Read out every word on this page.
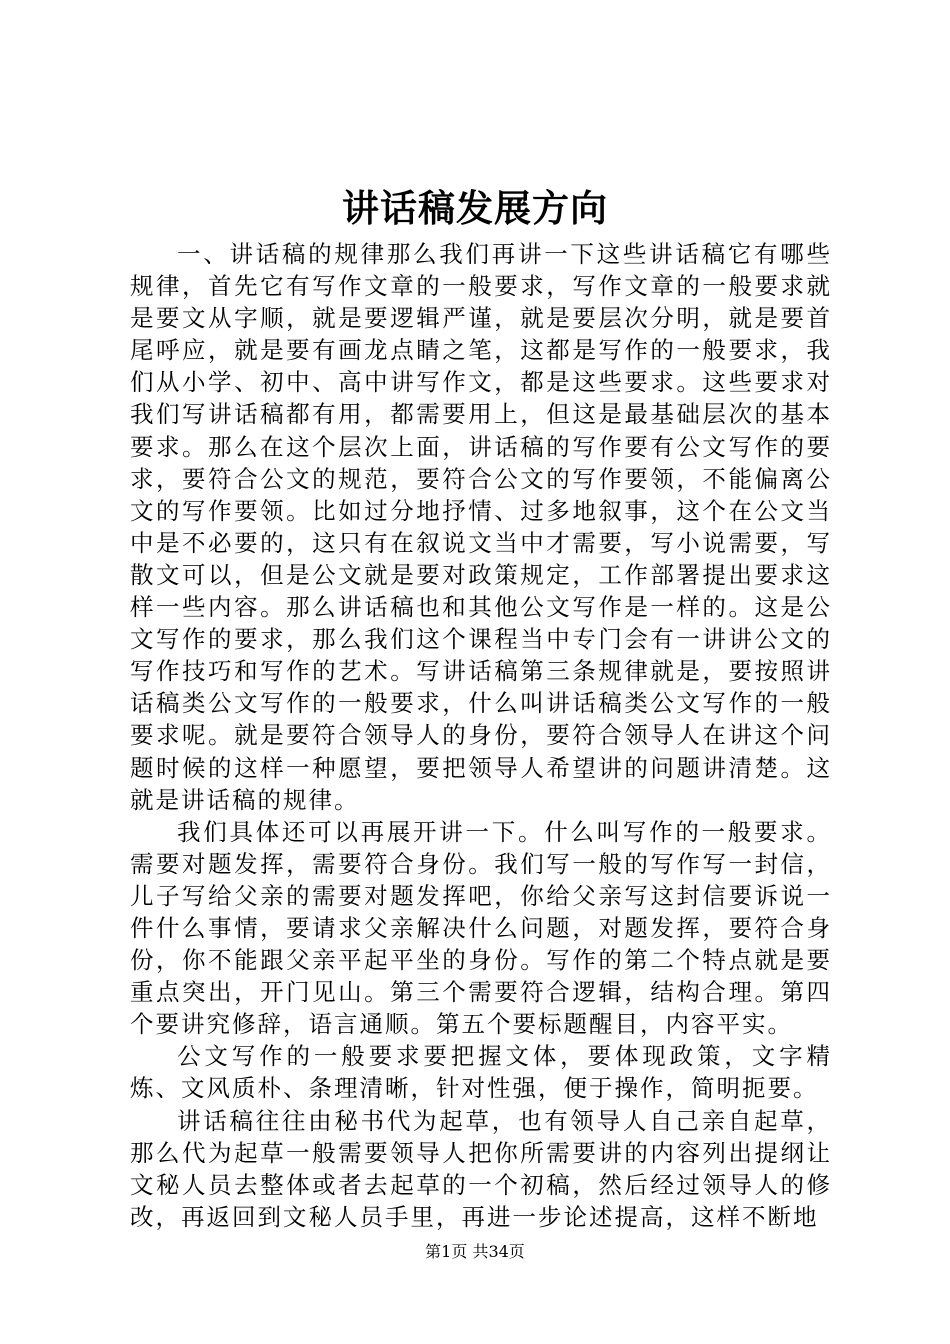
讲话稿发展方向

一、讲话稿的规律那么我们再讲一下这些讲话稿它有哪些规律，首先它有写作文章的一般要求，写作文章的一般要求就是要文从字顺，就是要逻辑严谨，就是要层次分明，就是要首尾呼应，就是要有画龙点睛之笔，这都是写作的一般要求，我们从小学、初中、高中讲写作文，都是这些要求。这些要求对我们写讲话稿都有用，都需要用上，但这是最基础层次的基本要求。那么在这个层次上面，讲话稿的写作要有公文写作的要求，要符合公文的规范，要符合公文的写作要领，不能偏离公文的写作要领。比如过分地抒情、过多地叙事，这个在公文当中是不必要的，这只有在叙说文当中才需要，写小说需要，写散文可以，但是公文就是要对政策规定，工作部署提出要求这样一些内容。那么讲话稿也和其他公文写作是一样的。这是公文写作的要求，那么我们这个课程当中专门会有一讲讲公文的写作技巧和写作的艺术。写讲话稿第三条规律就是，要按照讲话稿类公文写作的一般要求，什么叫讲话稿类公文写作的一般要求呢。就是要符合领导人的身份，要符合领导人在讲这个问题时候的这样一种愿望，要把领导人希望讲的问题讲清楚。这就是讲话稿的规律。

我们具体还可以再展开讲一下。什么叫写作的一般要求。需要对题发挥，需要符合身份。我们写一般的写作写一封信，儿子写给父亲的需要对题发挥吧，你给父亲写这封信要诉说一件什么事情，要请求父亲解决什么问题，对题发挥，要符合身份，你不能跟父亲平起平坐的身份。写作的第二个特点就是要重点突出，开门见山。第三个需要符合逻辑，结构合理。第四个要讲究修辞，语言通顺。第五个要标题醒目，内容平实。

公文写作的一般要求要把握文体，要体现政策，文字精炼、文风质朴、条理清晰，针对性强，便于操作，简明扼要。

讲话稿往往由秘书代为起草，也有领导人自己亲自起草，那么代为起草一般需要领导人把你所需要讲的内容列出提纲让文秘人员去整体或者去起草的一个初稿，然后经过领导人的修改，再返回到文秘人员手里，再进一步论述提高，这样不断地

第1页 共34页
